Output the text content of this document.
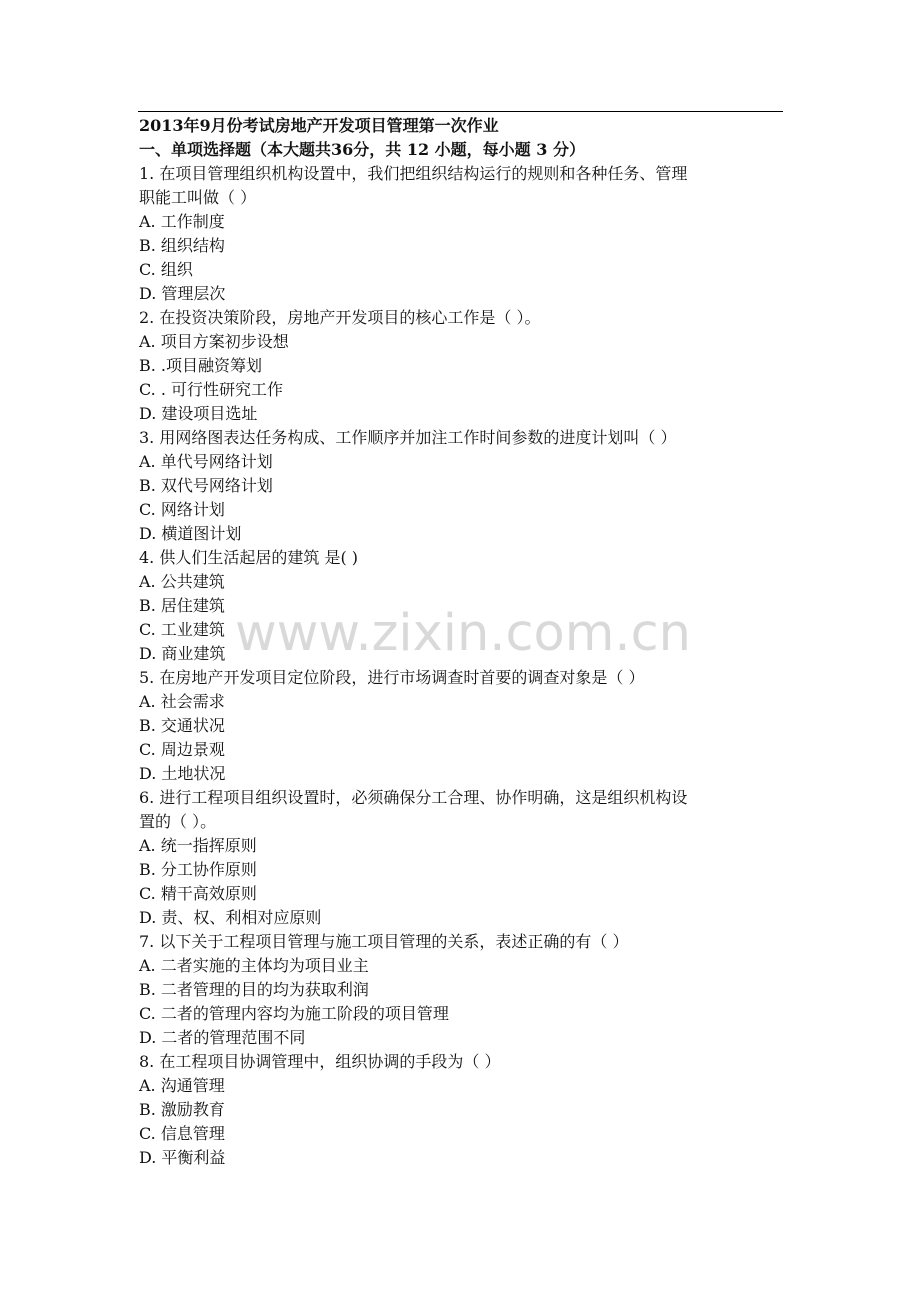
2013年9月份考试房地产开发项目管理第一次作业
一、单项选择题（本大题共36分，共 12 小题，每小题 3 分）
1. 在项目管理组织机构设置中，我们把组织结构运行的规则和各种任务、管理
职能工叫做（ ）
A. 工作制度
B. 组织结构
C. 组织
D. 管理层次
2. 在投资决策阶段，房地产开发项目的核心工作是（ ）。
A. 项目方案初步设想
B. .项目融资筹划
C. . 可行性研究工作
D. 建设项目选址
3. 用网络图表达任务构成、工作顺序并加注工作时间参数的进度计划叫（ ）
A. 单代号网络计划
B. 双代号网络计划
C. 网络计划
D. 横道图计划
4. 供人们生活起居的建筑 是( )
A. 公共建筑
B. 居住建筑
C. 工业建筑
D. 商业建筑
5. 在房地产开发项目定位阶段，进行市场调查时首要的调查对象是（ ）
A. 社会需求
B. 交通状况
C. 周边景观
D. 土地状况
6. 进行工程项目组织设置时，必须确保分工合理、协作明确，这是组织机构设
置的（ ）。
A. 统一指挥原则
B. 分工协作原则
C. 精干高效原则
D. 责、权、利相对应原则
7. 以下关于工程项目管理与施工项目管理的关系，表述正确的有（ ）
A. 二者实施的主体均为项目业主
B. 二者管理的目的均为获取利润
C. 二者的管理内容均为施工阶段的项目管理
D. 二者的管理范围不同
8. 在工程项目协调管理中，组织协调的手段为（ ）
A. 沟通管理
B. 激励教育
C. 信息管理
D. 平衡利益
www.zixin.com.cn
